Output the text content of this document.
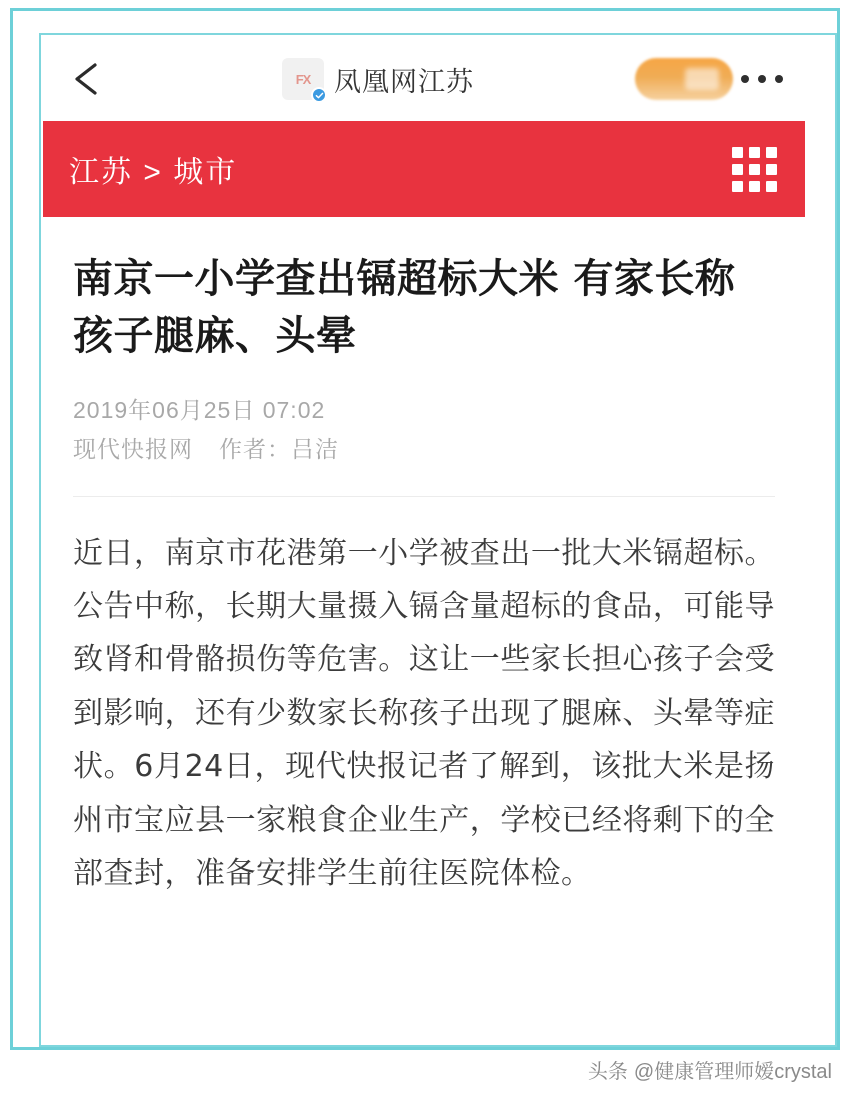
FX 凤凰网江苏
江苏 > 城市
南京一小学查出镉超标大米 有家长称孩子腿麻、头晕
2019年06月25日 07:02
现代快报网 作者：吕洁

近日，南京市花港第一小学被查出一批大米镉超标。公告中称，长期大量摄入镉含量超标的食品，可能导致肾和骨骼损伤等危害。这让一些家长担心孩子会受到影响，还有少数家长称孩子出现了腿麻、头晕等症状。6月24日，现代快报记者了解到，该批大米是扬州市宝应县一家粮食企业生产，学校已经将剩下的全部查封，准备安排学生前往医院体检。

头条 @健康管理师嫒crystal
